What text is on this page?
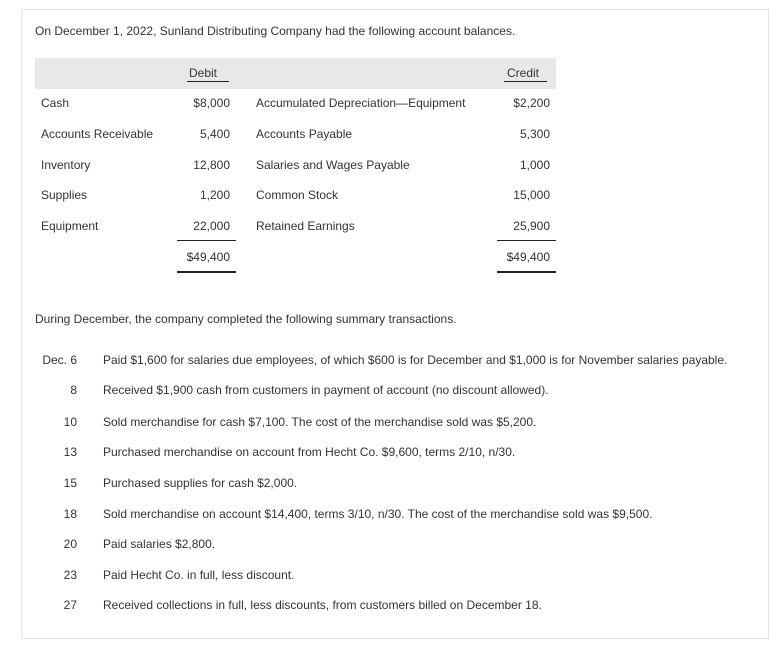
On December 1, 2022, Sunland Distributing Company had the following account balances.
Debit	Credit
Cash	$8,000 Accumulated Depreciation—Equipment	$2,200
Accounts Receivable	5,400 Accounts Payable	5,300
Inventory	12,800 Salaries and Wages Payable	1,000
Supplies	1,200 Common Stock	15,000
Equipment	22,000 Retained Earnings	25,900
$49,400	$49,400
During December, the company completed the following summary transactions.
Dec. 6 Paid $1,600 for salaries due employees, of which $600 is for December and $1,000 is for November salaries payable.
8 Received $1,900 cash from customers in payment of account (no discount allowed).
10 Sold merchandise for cash $7,100. The cost of the merchandise sold was $5,200.
13 Purchased merchandise on account from Hecht Co. $9,600, terms 2/10, n/30.
15 Purchased supplies for cash $2,000.
18 Sold merchandise on account $14,400, terms 3/10, n/30. The cost of the merchandise sold was $9,500.
20 Paid salaries $2,800.
23 Paid Hecht Co. in full, less discount.
27 Received collections in full, less discounts, from customers billed on December 18.
